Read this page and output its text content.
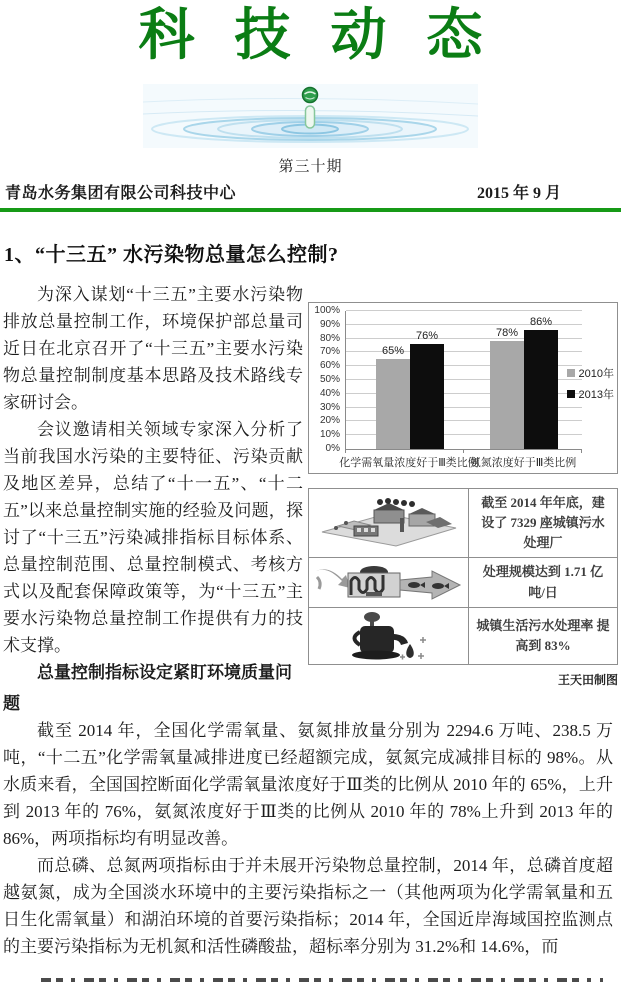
科 技 动 态
第三十期
青岛水务集团有限公司科技中心	2015 年 9 月
1、“十三五” 水污染物总量怎么控制?

为深入谋划“十三五”主要水污染物排放总量控制工作，环境保护部总量司近日在北京召开了“十三五”主要水污染物总量控制制度基本思路及技术路线专家研讨会。

会议邀请相关领域专家深入分析了当前我国水污染的主要特征、污染贡献及地区差异，总结了“十一五”、“十二五”以来总量控制实施的经验及问题，探讨了“十三五”污染减排指标目标体系、总量控制范围、总量控制模式、考核方式以及配套保障政策等，为“十三五”主要水污染物总量控制工作提供有力的技术支撑。

总量控制指标设定紧盯环境质量问

65%
78%
76%
86%
2010年
2013年
0%
10%
20%
30%
40%
50%
60%
70%
80%
90%
100%
化学需氧量浓度好于Ⅲ类比例
氨氮浓度好于Ⅲ类比例
截至 2014 年年底，建设了 7329 座城镇污水处理厂
处理规模达到 1.71 亿吨/日
城镇生活污水处理率 提高到 83%
王天田制图

题

截至 2014 年，全国化学需氧量、氨氮排放量分别为 2294.6 万吨、238.5 万吨，“十二五”化学需氧量减排进度已经超额完成，氨氮完成减排目标的 98%。从水质来看，全国国控断面化学需氧量浓度好于Ⅲ类的比例从 2010 年的 65%，上升到 2013 年的 76%，氨氮浓度好于Ⅲ类的比例从 2010 年的 78%上升到 2013 年的 86%，两项指标均有明显改善。

而总磷、总氮两项指标由于并未展开污染物总量控制，2014 年，总磷首度超越氨氮，成为全国淡水环境中的主要污染指标之一（其他两项为化学需氧量和五日生化需氧量）和湖泊环境的首要污染指标；2014 年，全国近岸海域国控监测点的主要污染指标为无机氮和活性磷酸盐，超标率分别为 31.2%和 14.6%，而
